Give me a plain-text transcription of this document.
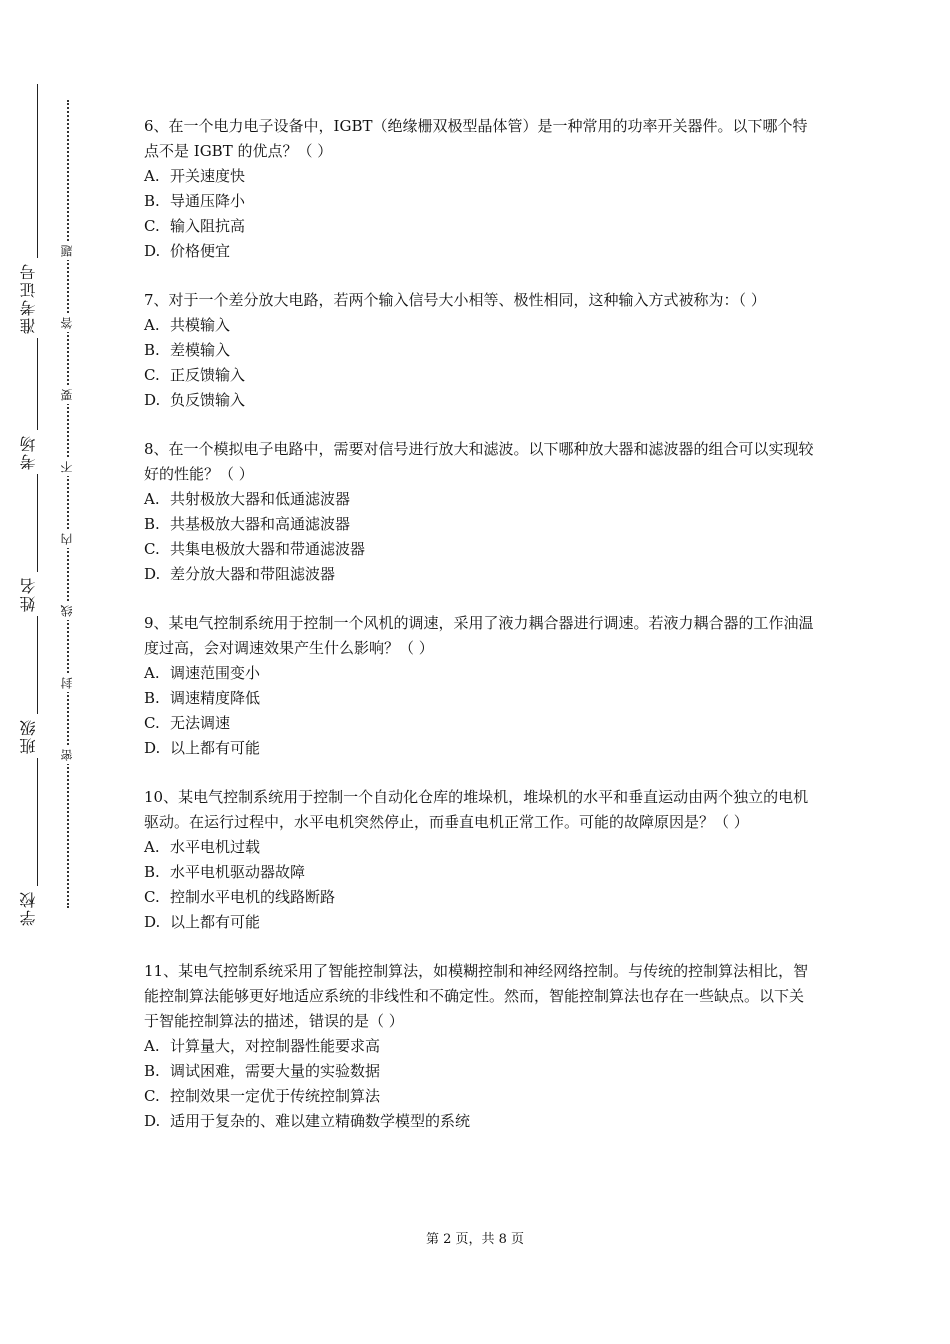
准考证号
考场
姓名
班级
学校
题
答
要
不
内
线
封
密

6、在一个电力电子设备中，IGBT（绝缘栅双极型晶体管）是一种常用的功率开关器件。以下哪个特点不是 IGBT 的优点？（ ）

A. 开关速度快
B. 导通压降小
C. 输入阻抗高
D. 价格便宜

7、对于一个差分放大电路，若两个输入信号大小相等、极性相同，这种输入方式被称为：（ ）

A. 共模输入
B. 差模输入
C. 正反馈输入
D. 负反馈输入

8、在一个模拟电子电路中，需要对信号进行放大和滤波。以下哪种放大器和滤波器的组合可以实现较好的性能？（ ）

A. 共射极放大器和低通滤波器
B. 共基极放大器和高通滤波器
C. 共集电极放大器和带通滤波器
D. 差分放大器和带阻滤波器

9、某电气控制系统用于控制一个风机的调速，采用了液力耦合器进行调速。若液力耦合器的工作油温度过高，会对调速效果产生什么影响？（ ）

A. 调速范围变小
B. 调速精度降低
C. 无法调速
D. 以上都有可能

10、某电气控制系统用于控制一个自动化仓库的堆垛机，堆垛机的水平和垂直运动由两个独立的电机驱动。在运行过程中，水平电机突然停止，而垂直电机正常工作。可能的故障原因是？（ ）

A. 水平电机过载
B. 水平电机驱动器故障
C. 控制水平电机的线路断路
D. 以上都有可能

11、某电气控制系统采用了智能控制算法，如模糊控制和神经网络控制。与传统的控制算法相比，智能控制算法能够更好地适应系统的非线性和不确定性。然而，智能控制算法也存在一些缺点。以下关于智能控制算法的描述，错误的是（ ）

A. 计算量大，对控制器性能要求高
B. 调试困难，需要大量的实验数据
C. 控制效果一定优于传统控制算法
D. 适用于复杂的、难以建立精确数学模型的系统
第 2 页，共 8 页
